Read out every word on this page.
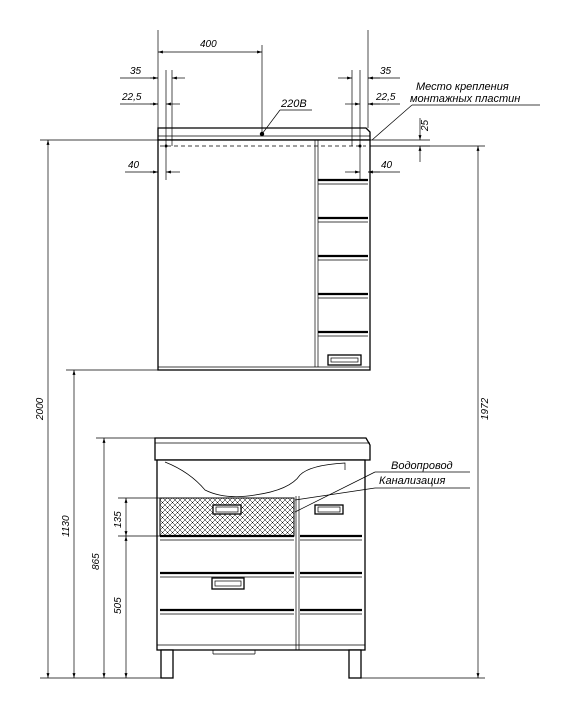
400
35
22,5
35
22,5
25
40	40
2000	1972
1130
865
505
135
220В
Место крепления
монтажных пластин
Водопровод
Канализация
